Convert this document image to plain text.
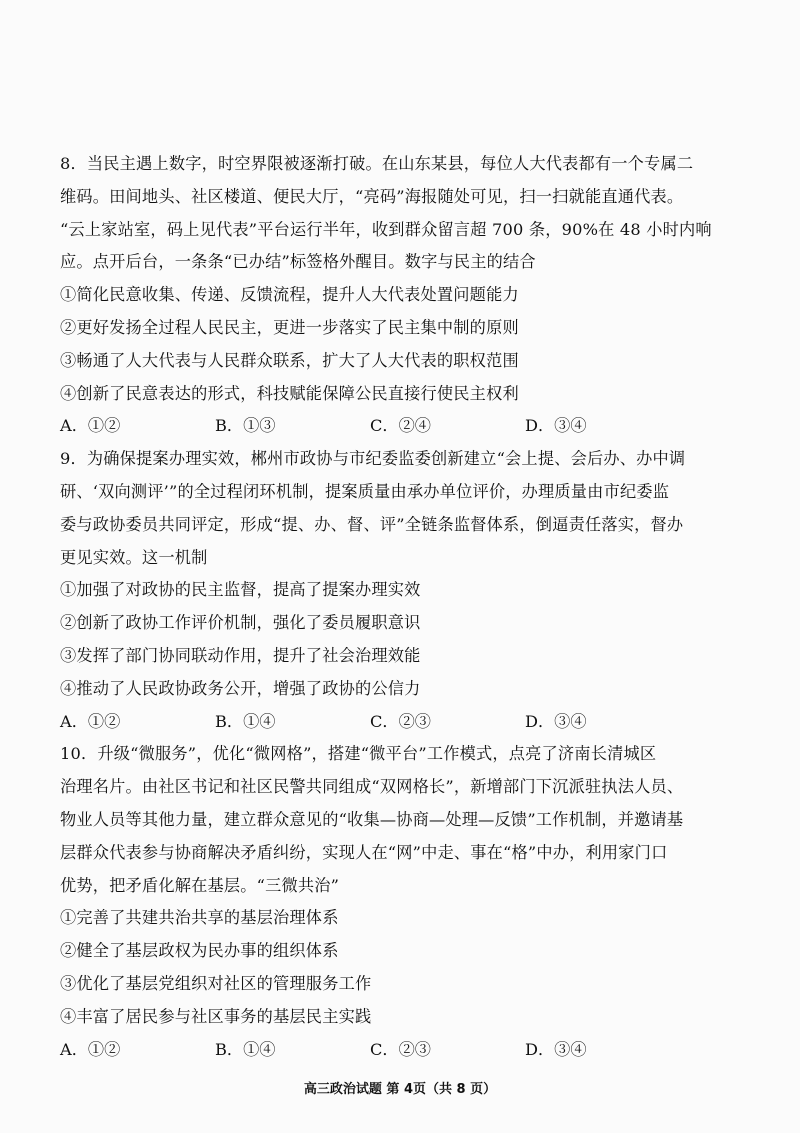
8．当民主遇上数字，时空界限被逐渐打破。在山东某县，每位人大代表都有一个专属二
维码。田间地头、社区楼道、便民大厅，“亮码”海报随处可见，扫一扫就能直通代表。
“云上家站室，码上见代表”平台运行半年，收到群众留言超 700 条，90%在 48 小时内响
应。点开后台，一条条“已办结”标签格外醒目。数字与民主的结合
①简化民意收集、传递、反馈流程，提升人大代表处置问题能力
②更好发扬全过程人民民主，更进一步落实了民主集中制的原则
③畅通了人大代表与人民群众联系，扩大了人大代表的职权范围
④创新了民意表达的形式，科技赋能保障公民直接行使民主权利
A．①②	B．①③	C．②④	D．③④
9．为确保提案办理实效，郴州市政协与市纪委监委创新建立“会上提、会后办、办中调
研、‘双向测评’”的全过程闭环机制，提案质量由承办单位评价，办理质量由市纪委监
委与政协委员共同评定，形成“提、办、督、评”全链条监督体系，倒逼责任落实，督办
更见实效。这一机制
①加强了对政协的民主监督，提高了提案办理实效
②创新了政协工作评价机制，强化了委员履职意识
③发挥了部门协同联动作用，提升了社会治理效能
④推动了人民政协政务公开，增强了政协的公信力
A．①②	B．①④	C．②③	D．③④
10．升级“微服务”，优化“微网格”，搭建“微平台”工作模式，点亮了济南长清城区
治理名片。由社区书记和社区民警共同组成“双网格长”，新增部门下沉派驻执法人员、
物业人员等其他力量，建立群众意见的“收集—协商—处理—反馈”工作机制，并邀请基
层群众代表参与协商解决矛盾纠纷，实现人在“网”中走、事在“格”中办，利用家门口
优势，把矛盾化解在基层。“三微共治”
①完善了共建共治共享的基层治理体系
②健全了基层政权为民办事的组织体系
③优化了基层党组织对社区的管理服务工作
④丰富了居民参与社区事务的基层民主实践
A．①②	B．①④	C．②③	D．③④
高三政治试题 第 4页（共 8 页）
